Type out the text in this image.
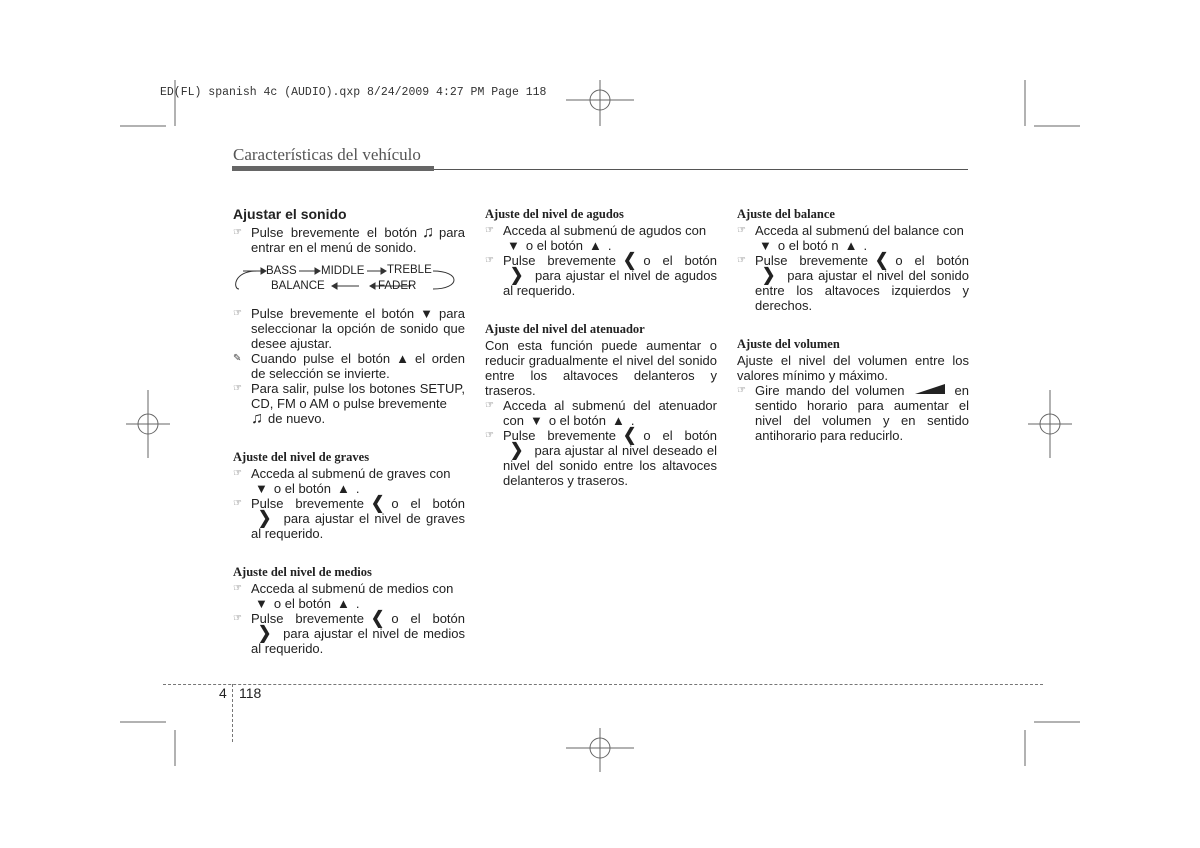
ED(FL) spanish 4c (AUDIO).qxp 8/24/2009 4:27 PM Page 118
Características del vehículo
Ajustar el sonido
☞ Pulse brevemente el botón ♫ para entrar en el menú de sonido.
BASS MIDDLE TREBLE
BALANCE	FADER
☞ Pulse brevemente el botón ▼ para seleccionar la opción de sonido que desee ajustar.
✎ Cuando pulse el botón ▲ el orden de selección se invierte.
☞ Para salir, pulse los botones SETUP, CD, FM o AM o pulse brevemente
♫ de nuevo.
Ajuste del nivel de graves
☞ Acceda al submenú de graves con
▼ o el botón ▲ .
☞ Pulse brevemente ❮ o el botón❯ para ajustar el nivel de graves al requerido.
Ajuste del nivel de medios
☞ Acceda al submenú de medios con
▼ o el botón ▲ .
☞ Pulse brevemente ❮ o el botón❯ para ajustar el nivel de medios al requerido.
Ajuste del nivel de agudos
☞ Acceda al submenú de agudos con
▼ o el botón ▲ .
☞ Pulse brevemente ❮ o el botón❯ para ajustar el nivel de agudos al requerido.
Ajuste del nivel del atenuador

Con esta función puede aumentar o reducir gradualmente el nivel del sonido entre los altavoces delanteros y traseros.

☞ Acceda al submenú del atenuador con ▼ o el botón ▲ .
☞ Pulse brevemente ❮ o el botón❯ para ajustar al nivel deseado el nivel del sonido entre los altavoces delanteros y traseros.
Ajuste del balance
☞ Acceda al submenú del balance con
▼ o el botó n ▲ .
☞ Pulse brevemente ❮ o el botón❯ para ajustar el nivel del sonido entre los altavoces izquierdos y derechos.
Ajuste del volumen

Ajuste el nivel del volumen entre los valores mínimo y máximo.

☞ Gire mando del volumen	en sentido horario para aumentar el nivel del volumen y en sentido antihorario para reducirlo.
4 118
